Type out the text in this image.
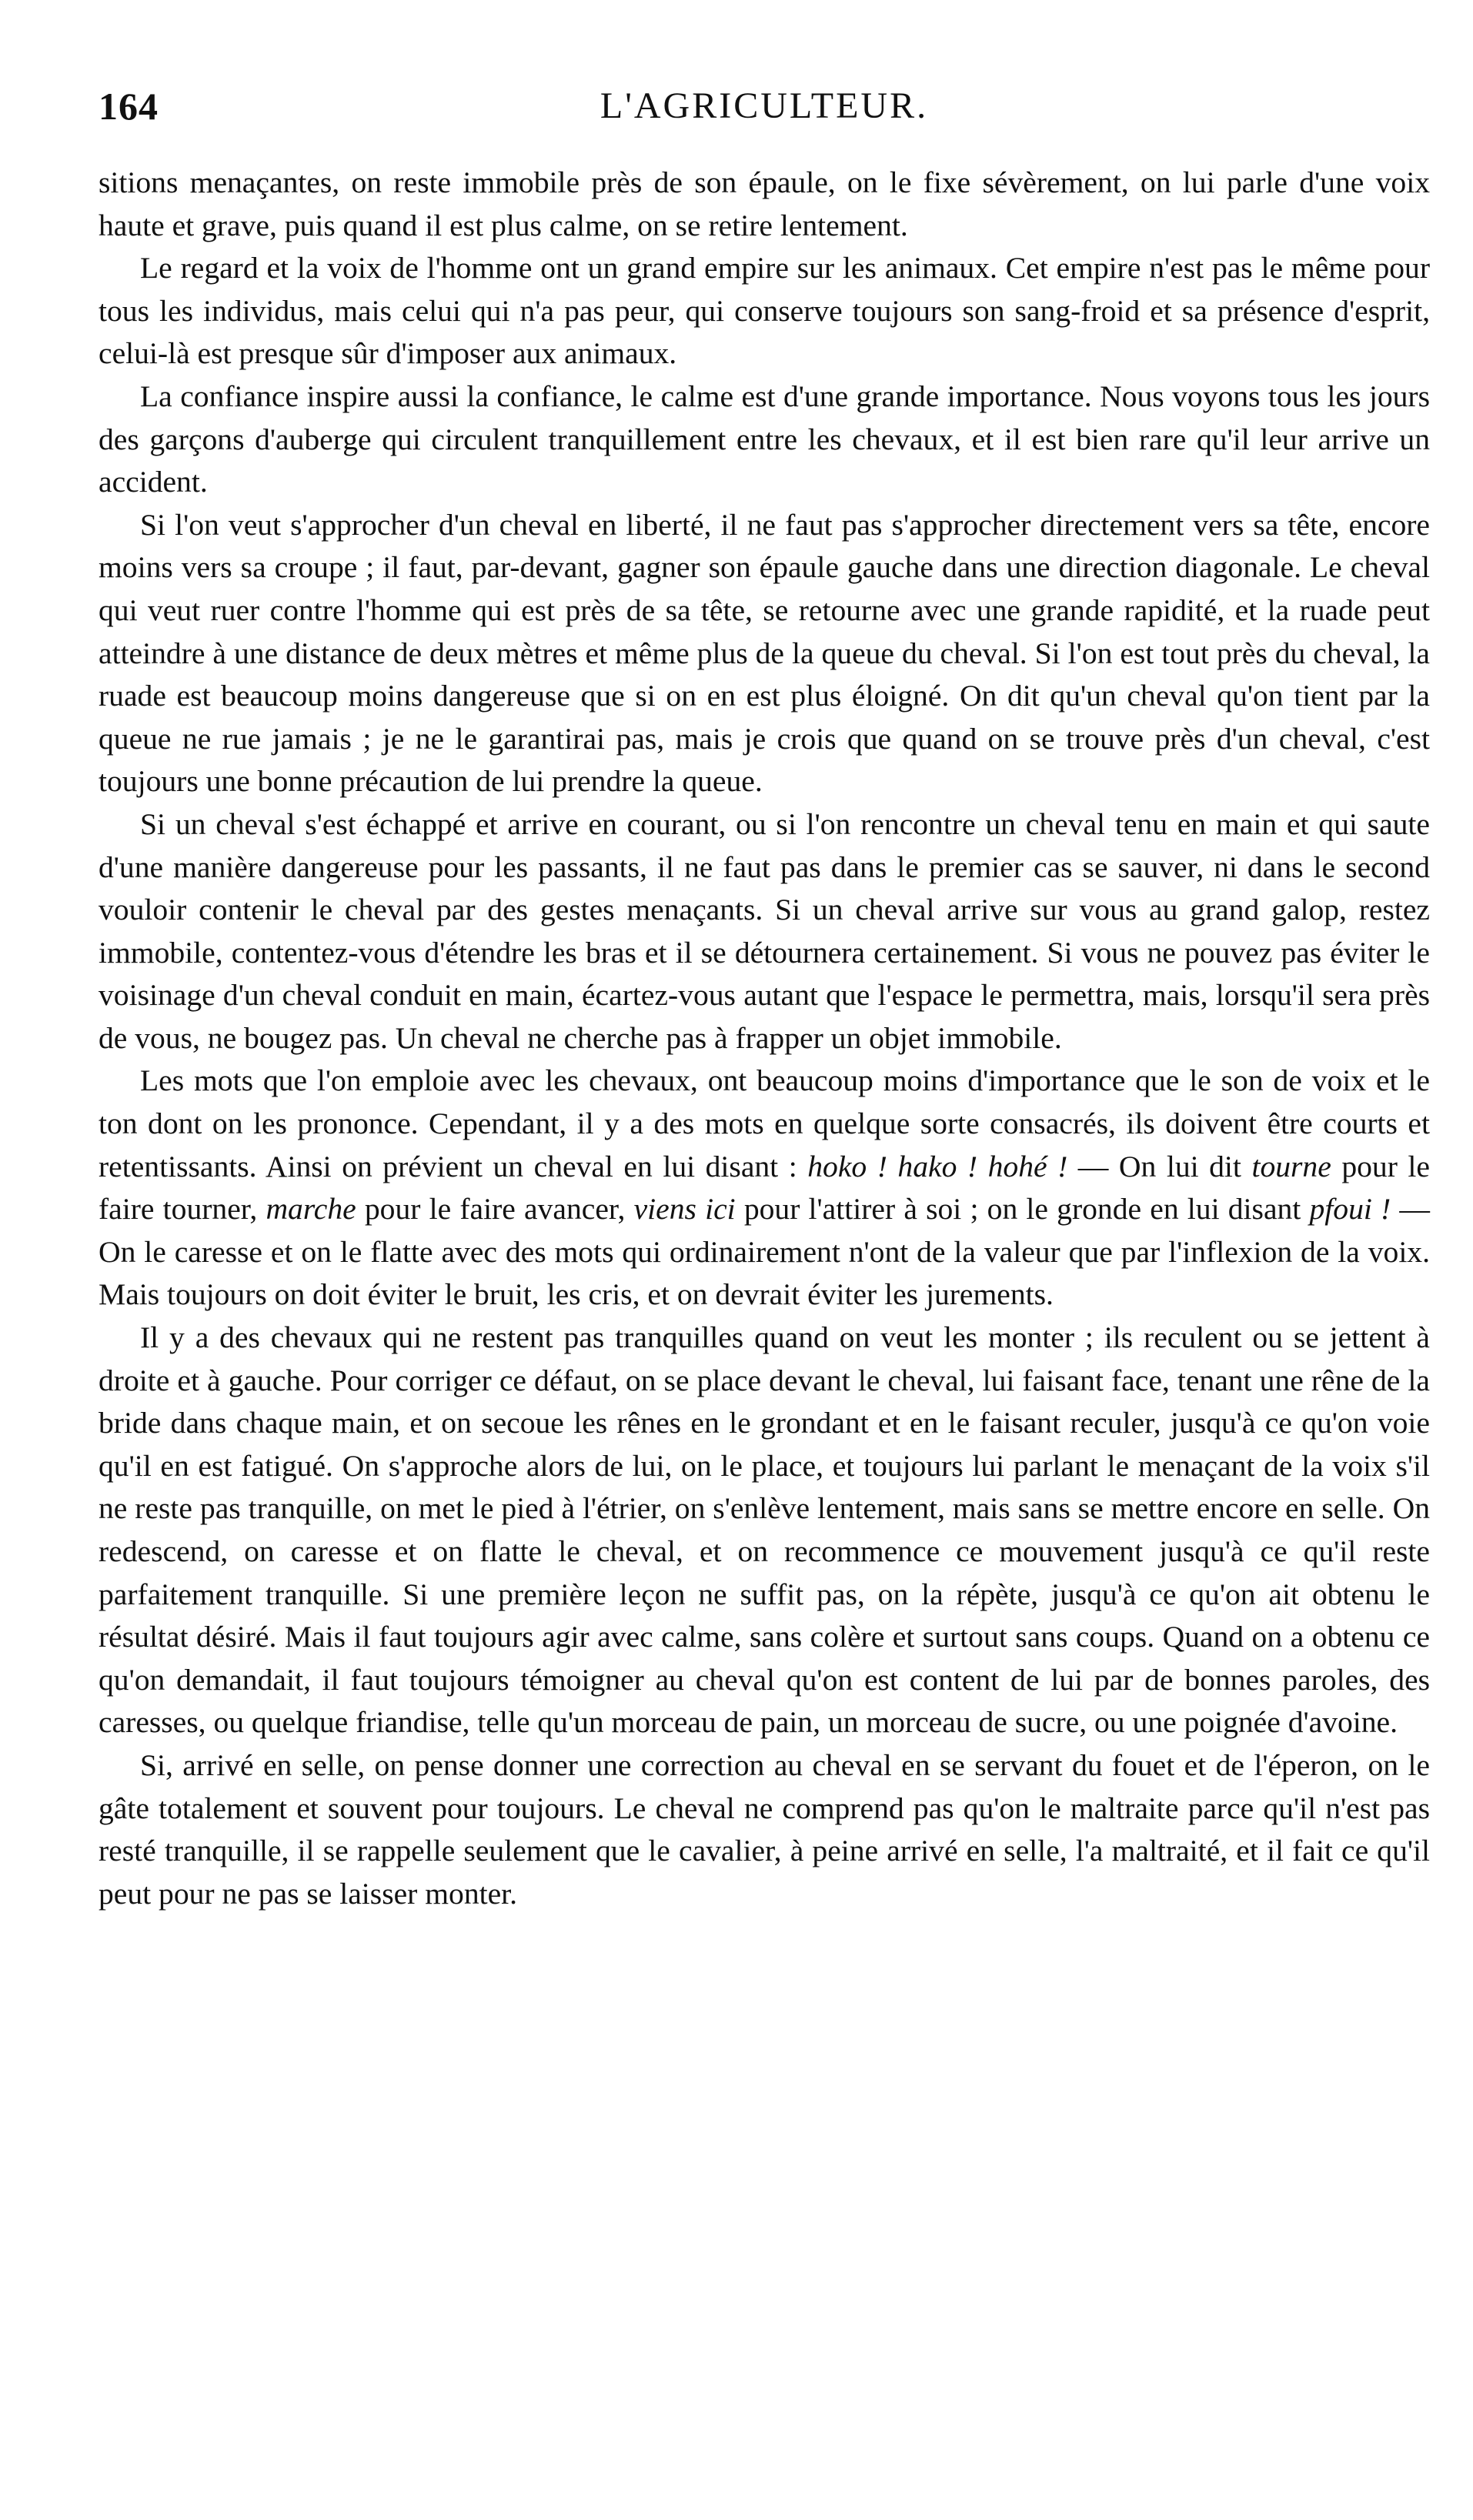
164	L'AGRICULTEUR.

sitions menaçantes, on reste immobile près de son épaule, on le fixe sévèrement, on lui parle d'une voix haute et grave, puis quand il est plus calme, on se retire lentement.

Le regard et la voix de l'homme ont un grand empire sur les animaux. Cet empire n'est pas le même pour tous les individus, mais celui qui n'a pas peur, qui conserve toujours son sang-froid et sa présence d'esprit, celui-là est presque sûr d'imposer aux animaux.

La confiance inspire aussi la confiance, le calme est d'une grande importance. Nous voyons tous les jours des garçons d'auberge qui circulent tranquillement entre les chevaux, et il est bien rare qu'il leur arrive un accident.

Si l'on veut s'approcher d'un cheval en liberté, il ne faut pas s'approcher directement vers sa tête, encore moins vers sa croupe ; il faut, par-devant, gagner son épaule gauche dans une direction diagonale. Le cheval qui veut ruer contre l'homme qui est près de sa tête, se retourne avec une grande rapidité, et la ruade peut atteindre à une distance de deux mètres et même plus de la queue du cheval. Si l'on est tout près du cheval, la ruade est beaucoup moins dangereuse que si on en est plus éloigné. On dit qu'un cheval qu'on tient par la queue ne rue jamais ; je ne le garantirai pas, mais je crois que quand on se trouve près d'un cheval, c'est toujours une bonne précaution de lui prendre la queue.

Si un cheval s'est échappé et arrive en courant, ou si l'on rencontre un cheval tenu en main et qui saute d'une manière dangereuse pour les passants, il ne faut pas dans le premier cas se sauver, ni dans le second vouloir contenir le cheval par des gestes menaçants. Si un cheval arrive sur vous au grand galop, restez immobile, contentez-vous d'étendre les bras et il se détournera certainement. Si vous ne pouvez pas éviter le voisinage d'un cheval conduit en main, écartez-vous autant que l'espace le permettra, mais, lorsqu'il sera près de vous, ne bougez pas. Un cheval ne cherche pas à frapper un objet immobile.

Les mots que l'on emploie avec les chevaux, ont beaucoup moins d'importance que le son de voix et le ton dont on les prononce. Cependant, il y a des mots en quelque sorte consacrés, ils doivent être courts et retentissants. Ainsi on prévient un cheval en lui disant : hoko ! hako ! hohé ! — On lui dit tourne pour le faire tourner, marche pour le faire avancer, viens ici pour l'attirer à soi ; on le gronde en lui disant pfoui ! — On le caresse et on le flatte avec des mots qui ordinairement n'ont de la valeur que par l'inflexion de la voix. Mais toujours on doit éviter le bruit, les cris, et on devrait éviter les jurements.

Il y a des chevaux qui ne restent pas tranquilles quand on veut les monter ; ils reculent ou se jettent à droite et à gauche. Pour corriger ce défaut, on se place devant le cheval, lui faisant face, tenant une rêne de la bride dans chaque main, et on secoue les rênes en le grondant et en le faisant reculer, jusqu'à ce qu'on voie qu'il en est fatigué. On s'approche alors de lui, on le place, et toujours lui parlant le menaçant de la voix s'il ne reste pas tranquille, on met le pied à l'étrier, on s'enlève lentement, mais sans se mettre encore en selle. On redescend, on caresse et on flatte le cheval, et on recommence ce mouvement jusqu'à ce qu'il reste parfaitement tranquille. Si une première leçon ne suffit pas, on la répète, jusqu'à ce qu'on ait obtenu le résultat désiré. Mais il faut toujours agir avec calme, sans colère et surtout sans coups. Quand on a obtenu ce qu'on demandait, il faut toujours témoigner au cheval qu'on est content de lui par de bonnes paroles, des caresses, ou quelque friandise, telle qu'un morceau de pain, un morceau de sucre, ou une poignée d'avoine.

Si, arrivé en selle, on pense donner une correction au cheval en se servant du fouet et de l'éperon, on le gâte totalement et souvent pour toujours. Le cheval ne comprend pas qu'on le maltraite parce qu'il n'est pas resté tranquille, il se rappelle seulement que le cavalier, à peine arrivé en selle, l'a maltraité, et il fait ce qu'il peut pour ne pas se laisser monter.
